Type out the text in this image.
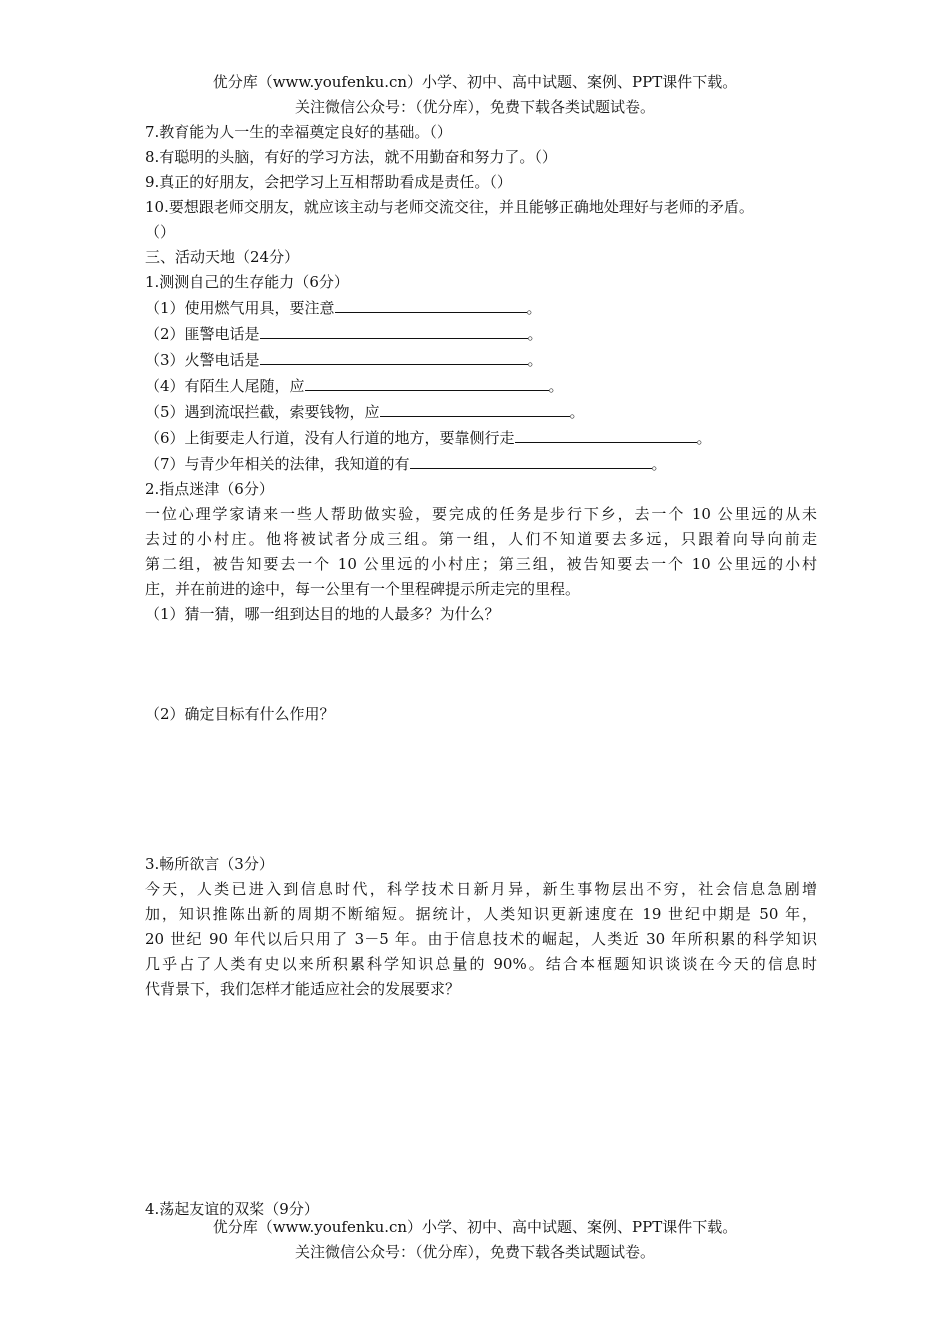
优分库（www.youfenku.cn）小学、初中、高中试题、案例、PPT课件下载。
关注微信公众号：（优分库），免费下载各类试题试卷。
7.教育能为人一生的幸福奠定良好的基础。（）
8.有聪明的头脑，有好的学习方法，就不用勤奋和努力了。（）
9.真正的好朋友，会把学习上互相帮助看成是责任。（）
10.要想跟老师交朋友，就应该主动与老师交流交往，并且能够正确地处理好与老师的矛盾。
（）
三、活动天地（24分）
1.测测自己的生存能力（6分）
（1）使用燃气用具，要注意	。
（2）匪警电话是	。
（3）火警电话是	。
（4）有陌生人尾随，应	。
（5）遇到流氓拦截，索要钱物，应	。
（6）上街要走人行道，没有人行道的地方，要靠侧行走	。
（7）与青少年相关的法律，我知道的有	。
2.指点迷津（6分）
一位心理学家请来一些人帮助做实验，要完成的任务是步行下乡，去一个 10 公里远的从未
去过的小村庄。他将被试者分成三组。第一组，人们不知道要去多远，只跟着向导向前走
第二组，被告知要去一个 10 公里远的小村庄；第三组，被告知要去一个 10 公里远的小村
庄，并在前进的途中，每一公里有一个里程碑提示所走完的里程。
（1）猜一猜，哪一组到达目的地的人最多？为什么？
（2）确定目标有什么作用？
3.畅所欲言（3分）
今天，人类已进入到信息时代，科学技术日新月异，新生事物层出不穷，社会信息急剧增
加，知识推陈出新的周期不断缩短。据统计，人类知识更新速度在 19 世纪中期是 50 年，
20 世纪 90 年代以后只用了 3－5 年。由于信息技术的崛起，人类近 30 年所积累的科学知识
几乎占了人类有史以来所积累科学知识总量的 90%。结合本框题知识谈谈在今天的信息时
代背景下，我们怎样才能适应社会的发展要求？
4.荡起友谊的双桨（9分）
优分库（www.youfenku.cn）小学、初中、高中试题、案例、PPT课件下载。
关注微信公众号：（优分库），免费下载各类试题试卷。
